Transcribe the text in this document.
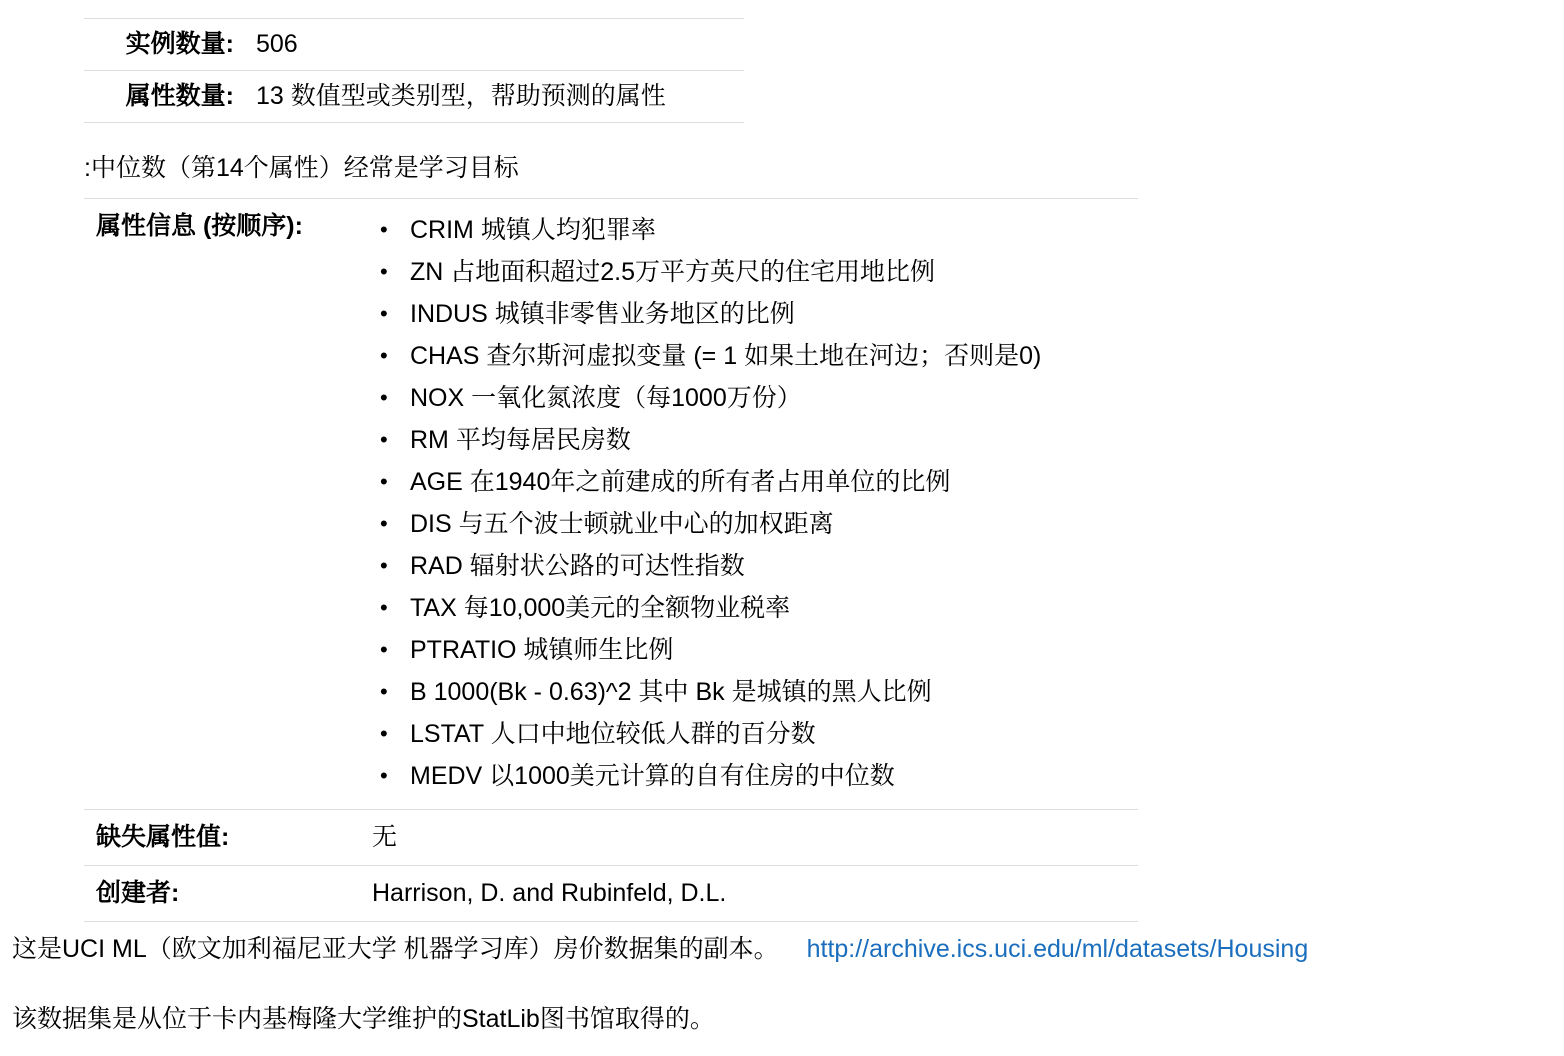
实例数量:	506
属性数量:	13 数值型或类别型，帮助预测的属性
:中位数（第14个属性）经常是学习目标
属性信息 (按顺序):	
•CRIM 城镇人均犯罪率
• ZN 占地面积超过2.5万平方英尺的住宅用地比例
• INDUS 城镇非零售业务地区的比例
• CHAS 查尔斯河虚拟变量 (= 1 如果土地在河边；否则是0)
• NOX 一氧化氮浓度（每1000万份）
• RM 平均每居民房数
• AGE 在1940年之前建成的所有者占用单位的比例
• DIS 与五个波士顿就业中心的加权距离
• RAD 辐射状公路的可达性指数
• TAX 每10,000美元的全额物业税率
• PTRATIO 城镇师生比例
• B 1000(Bk - 0.63)^2 其中 Bk 是城镇的黑人比例
• LSTAT 人口中地位较低人群的百分数
• MEDV 以1000美元计算的自有住房的中位数

缺失属性值:	无
创建者:	Harrison, D. and Rubinfeld, D.L.
这是UCI ML（欧文加利福尼亚大学 机器学习库）房价数据集的副本。 http://archive.ics.uci.edu/ml/datasets/Housing
该数据集是从位于卡内基梅隆大学维护的StatLib图书馆取得的。
